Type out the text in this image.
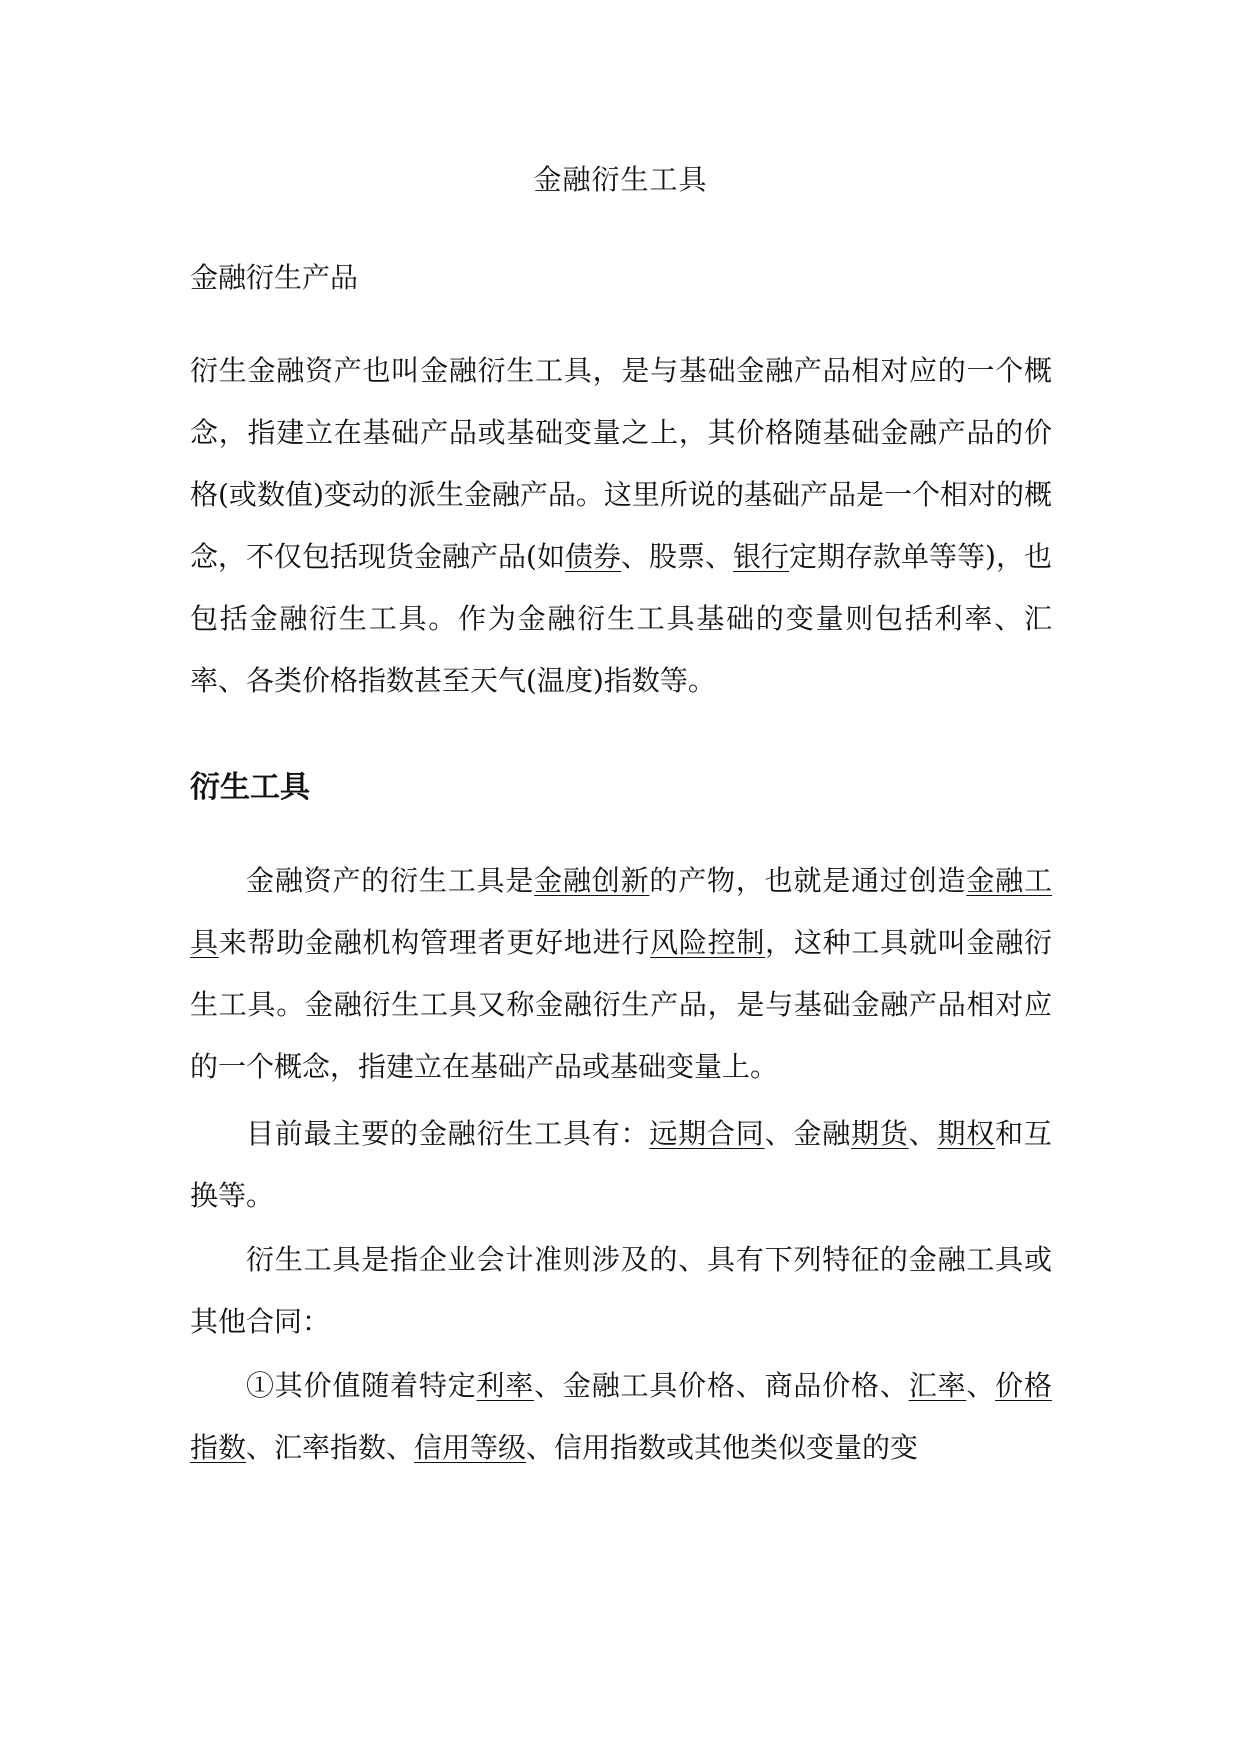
金融衍生工具

金融衍生产品

衍生金融资产也叫金融衍生工具，是与基础金融产品相对应的一个概念，指建立在基础产品或基础变量之上，其价格随基础金融产品的价格(或数值)变动的派生金融产品。这里所说的基础产品是一个相对的概念，不仅包括现货金融产品(如债券、股票、银行定期存款单等等)，也包括金融衍生工具。作为金融衍生工具基础的变量则包括利率、汇率、各类价格指数甚至天气(温度)指数等。

衍生工具

金融资产的衍生工具是金融创新的产物，也就是通过创造金融工具来帮助金融机构管理者更好地进行风险控制，这种工具就叫金融衍生工具。金融衍生工具又称金融衍生产品，是与基础金融产品相对应的一个概念，指建立在基础产品或基础变量上。

目前最主要的金融衍生工具有：远期合同、金融期货、期权和互换等。

衍生工具是指企业会计准则涉及的、具有下列特征的金融工具或其他合同：

①其价值随着特定利率、金融工具价格、商品价格、汇率、价格指数、汇率指数、信用等级、信用指数或其他类似变量的变
